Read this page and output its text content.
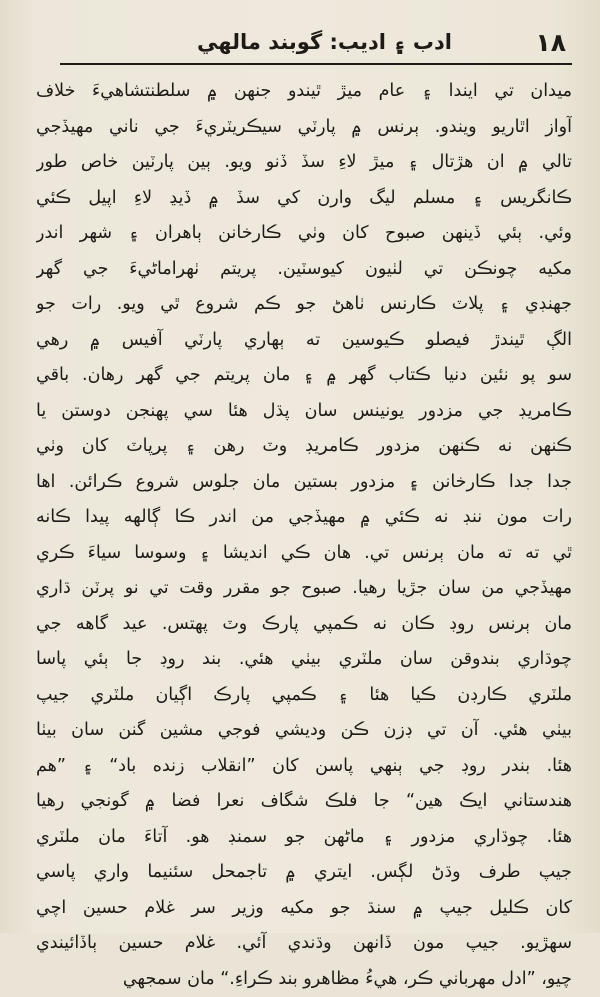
١٨
ادب ۽ اديب: گوبند مالهي
ميدان تي ايندا ۽ عام ميڙ ٿيندو جنهن ۾ سلطنتشاهيءَ خلاف
آواز اٿاريو ويندو. ٻرنس ۾ پارٽي سيڪريٽريءَ جي ناني مهيڏجي
تالي ۾ ان هڙتال ۽ ميڙ لاءِ سڏ ڏنو ويو. ٻين پارٽين خاص طور
ڪانگريس ۽ مسلم ليگ وارن کي سڏ ۾ ڏيڍ لاءِ اپيل ڪئي
وئي. ٻئي ڏينهن صبوح کان وٺي ڪارخانن ٻاهران ۽ شهر اندر
مکيه چونڪن تي لٺيون کيوسٽين. پريتم ٺهراماڻيءَ جي گهر
جهنڊي ۽ پلاٽ ڪارنس ٺاهڻ جو ڪم شروع ٿي ويو. رات جو
الڳ ٿيندڙ فيصلو ڪيوسين ته ٻهاري پارٽي آفيس ۾ رهي
سو پو نئين دنيا ڪتاب گهر ۾ ۽ مان پريتم جي گهر رهان. باقي
ڪامريڊ جي مزدور يونينس سان پڌل هئا سي پهنجن دوستن يا
ڪنهن نه ڪنهن مزدور ڪامريڊ وٽ رهن ۽ پرپاٽ کان وٺي
جدا جدا ڪارخانن ۽ مزدور بستين مان جلوس شروع ڪرائن. اها
رات مون ننڊ نه ڪئي ۾ مهيڏجي من اندر ڪا ڳالهه پيدا ڪانه
ٿي ته ته مان ٻرنس تي. هان ڪي انديشا ۽ وسوسا سياءَ ڪري
مهيڏجي من سان جڙيا رهيا. صبوح جو مقرر وقت تي نو پرٽن ڌاري
مان ٻرنس روڊ ڪان نه ڪمپي پارڪ وٽ پهتس. عيد گاهه جي
چوڌاري بندوقن سان ملٽري بيٺي هئي. بند روڊ جا ٻئي پاسا
ملٽري ڪارڊن ڪيا هئا ۽ ڪمپي پارڪ اڳيان ملٽري جيپ
بيٺي هئي. آن تي ڊزن ڪن وديشي فوجي مشين گنن سان بيٺا
هئا. بندر روڊ جي ٻنهي پاسن کان ”انقلاب زنده باد“ ۽ ”هم
هندستاني ايڪ هين“ جا فلڪ شگاف نعرا فضا ۾ گونجي رهيا
هئا. چوڌاري مزدور ۽ ماڻهن جو سمنڊ هو. آتاءَ مان ملٽري
جيپ طرف وڌڻ لڳس. ايتري ۾ تاجمحل سئنيما واري پاسي
کان ڪليل جيپ ۾ سنڌ جو مکيه وزير سر غلام حسين اچي
سهڙيو. جيپ مون ڏانهن وڌندي آئي. غلام حسين ٻاڏائيندي
چيو، ”ادل مهرباني ڪر، هيءُ مظاهرو بند ڪراءِ.“ مان سمجهي
